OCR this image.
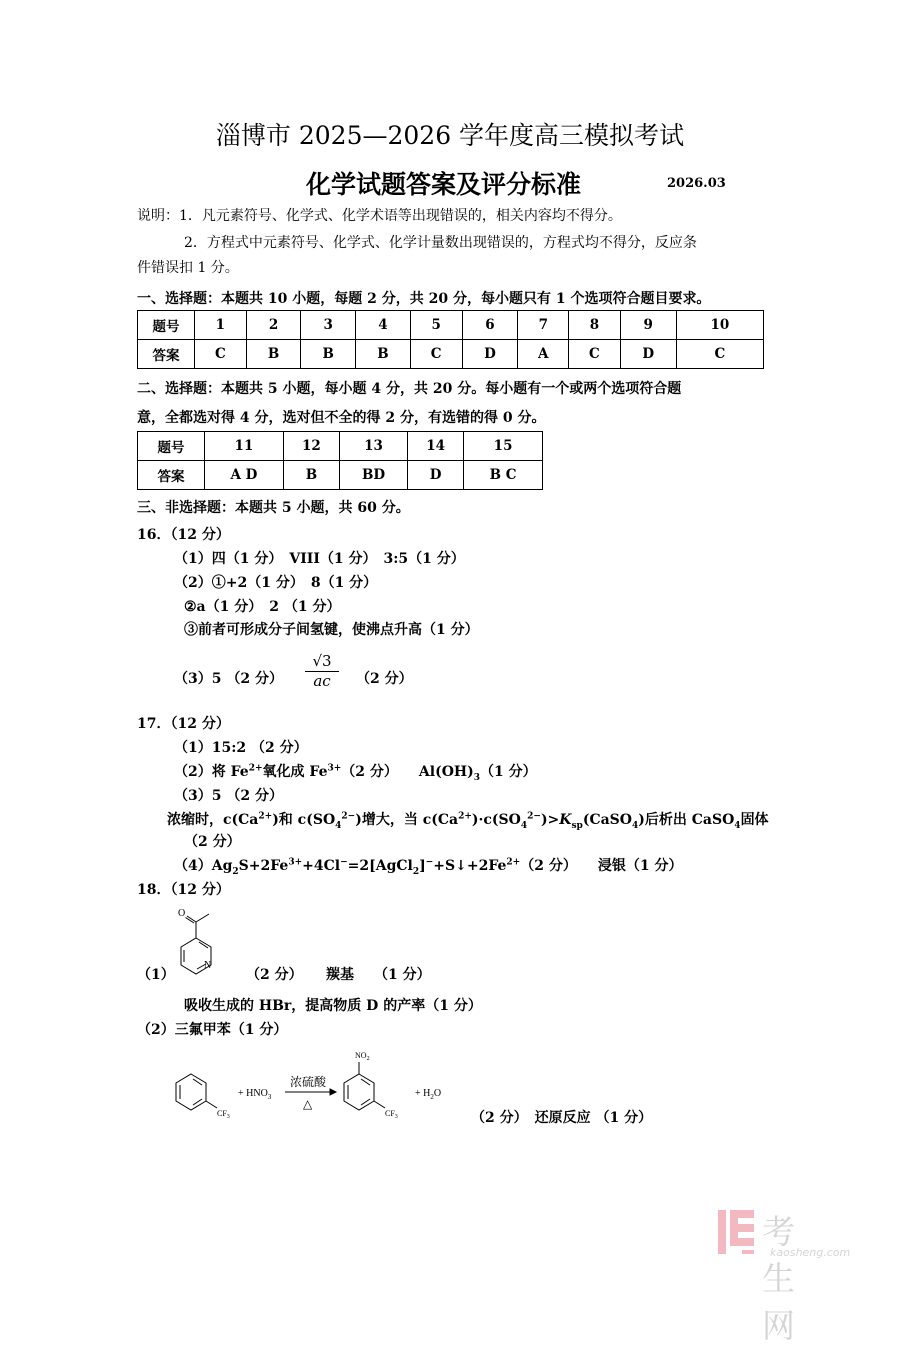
淄博市 2025—2026 学年度高三模拟考试
化学试题答案及评分标准	2026.03
说明：1．凡元素符号、化学式、化学术语等出现错误的，相关内容均不得分。
2．方程式中元素符号、化学式、化学计量数出现错误的，方程式均不得分，反应条
件错误扣 1 分。
一、选择题：本题共 10 小题，每题 2 分，共 20 分，每小题只有 1 个选项符合题目要求。
题号	1	2	3	4	5	6	7	8	9	10
答案	C	B	B	B	C	D	A	C	D	C
二、选择题：本题共 5 小题，每小题 4 分，共 20 分。每小题有一个或两个选项符合题
意，全都选对得 4 分，选对但不全的得 2 分，有选错的得 0 分。
题号	11	12	13	14	15
答案	A D	B	BD	D	B C
三、非选择题：本题共 5 小题，共 60 分。
16．（12 分）
（1）四（1 分）　VIII（1 分）　3:5（1 分）
（2）①+2（1 分）　8（1 分）
②a（1 分）　2 （1 分）
③前者可形成分子间氢键，使沸点升高（1 分）
（3）5 （2 分） $\frac{√3}{ac} (2$ 分）
17．（12 分）
（1）15:2 （2 分）
（2）将 $Fe^{2+}$氧化成 $Fe^{3+}(2$ 分）　　$Al(OH)_3(1$ 分）
（3）5 （2 分）
浓缩时，$c(Ca^{2+})$和 $c(SO_4^{2-})$增大，当 $c(Ca^{2+})\cdot c(SO_4^{2-})>K_{sp}(CaSO_4)$后析出 CaSO$_4$固体
（2 分）
$(4)Ag_2S+2Fe^{3+}+4Cl^-=2[AgCl_2]^-+S↓+2Fe^{2+}(2$ 分）　　浸银（1 分）
18．（12 分）
O
N
（1）	（2 分） 羰基 （1 分）
吸收生成的 HBr，提高物质 D 的产率（1 分）
（2）三氟甲苯（1 分）
$CF_3$
+ $HNO_3$
浓硫酸
△
$NO_2$
$CF_3$
+ $H_2O$
（2 分）　还原反应 （1 分）
考生网
kaosheng.com
